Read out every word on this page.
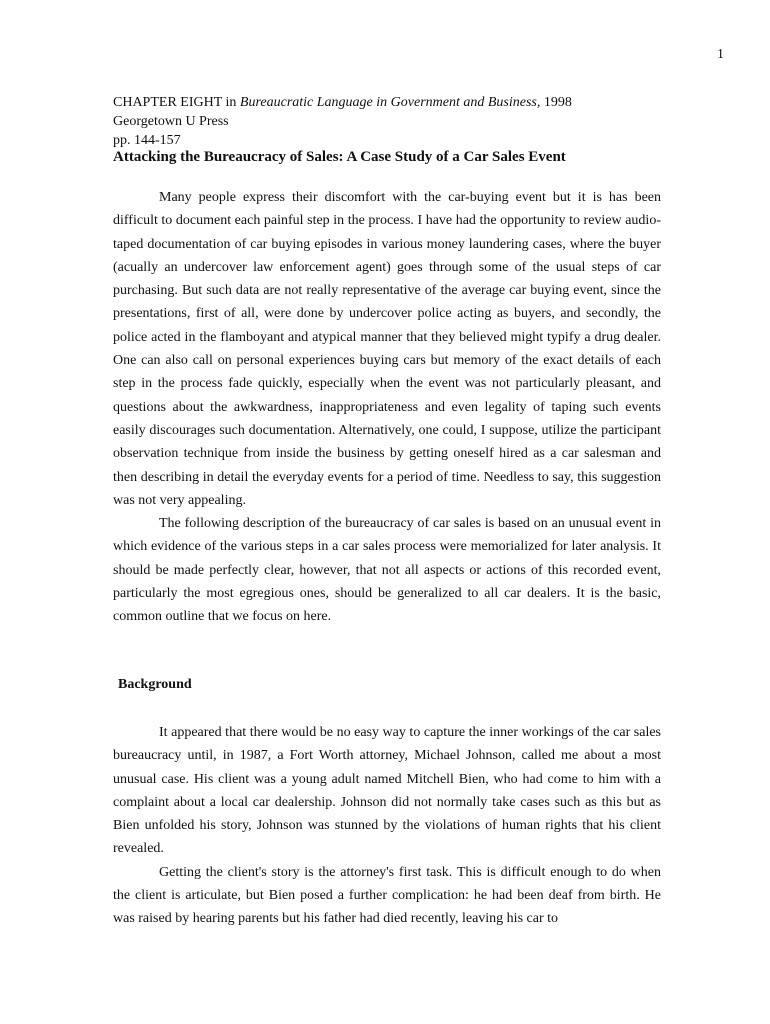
1
CHAPTER EIGHT in Bureaucratic Language in Government and Business, 1998
Georgetown U Press
pp. 144-157
Attacking the Bureaucracy of Sales: A Case Study of a Car Sales Event

Many people express their discomfort with the car-buying event but it is has been difficult to document each painful step in the process. I have had the opportunity to review audio-taped documentation of car buying episodes in various money laundering cases, where the buyer (acually an undercover law enforcement agent) goes through some of the usual steps of car purchasing. But such data are not really representative of the average car buying event, since the presentations, first of all, were done by undercover police acting as buyers, and secondly, the police acted in the flamboyant and atypical manner that they believed might typify a drug dealer. One can also call on personal experiences buying cars but memory of the exact details of each step in the process fade quickly, especially when the event was not particularly pleasant, and questions about the awkwardness, inappropriateness and even legality of taping such events easily discourages such documentation. Alternatively, one could, I suppose, utilize the participant observation technique from inside the business by getting oneself hired as a car salesman and then describing in detail the everyday events for a period of time. Needless to say, this suggestion was not very appealing.

The following description of the bureaucracy of car sales is based on an unusual event in which evidence of the various steps in a car sales process were memorialized for later analysis. It should be made perfectly clear, however, that not all aspects or actions of this recorded event, particularly the most egregious ones, should be generalized to all car dealers. It is the basic, common outline that we focus on here.

Background

It appeared that there would be no easy way to capture the inner workings of the car sales bureaucracy until, in 1987, a Fort Worth attorney, Michael Johnson, called me about a most unusual case. His client was a young adult named Mitchell Bien, who had come to him with a complaint about a local car dealership. Johnson did not normally take cases such as this but as Bien unfolded his story, Johnson was stunned by the violations of human rights that his client revealed.

Getting the client's story is the attorney's first task. This is difficult enough to do when the client is articulate, but Bien posed a further complication: he had been deaf from birth. He was raised by hearing parents but his father had died recently, leaving his car to
